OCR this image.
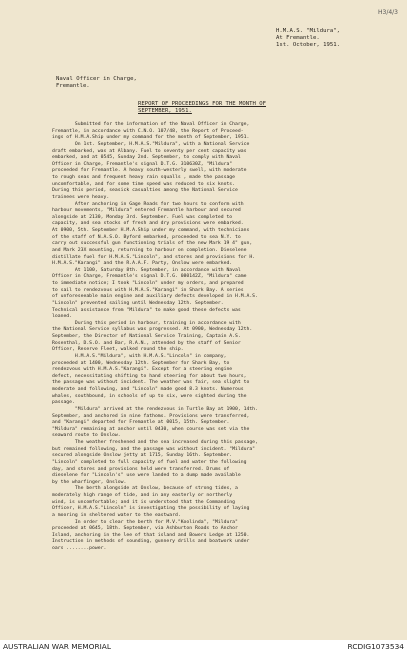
H3/4/3
H.M.A.S. "Mildura",
At Fremantle.
1st. October, 1951.
Naval Officer in Charge,
Fremantle.
REPORT OF PROCEEDINGS FOR THE MONTH OF
SEPTEMBER, 1951.
Submitted for the information of the Naval Officer in Charge,
Fremantle, in accordance with C.N.O. 107/48, the Report of Proceed-
ings of H.M.A.Ship under my command for the month of September, 1951.
On 1st. September, H.M.A.S."Mildura", with a National Service
draft embarked, was at Albany. Fuel to seventy per cent capacity was
embarked, and at 0545, Sunday 2nd. September, to comply with Naval
Officer in Charge, Fremantle's signal D.T.G. 310630Z, "Mildura"
proceeded for Fremantle. A heavy south-westerly swell, with moderate
to rough seas and frequent heavy rain squalls , made the passage
uncomfortable, and for some time speed was reduced to six knots.
During this period, seasick casualties among the National Service
trainees were heavy.
After anchoring in Gage Roads for two hours to conform with
harbour movements, "Mildura" entered Fremantle harbour and secured
alongside at 2130, Monday 3rd. September. Fuel was completed to
capacity, and sea stocks of fresh and dry provisions were embarked.
At 0900, 5th. September H.M.A.Ship under my command, with technicians
of the staff of N.A.S.O. Byford embarked, proceeded to sea N.Y. to
carry out successful gun functioning trials of the new Mark 19 4" gun,
and Mark 23X mounting, returning to harbour on completion. Dieselene
distillate fuel for H.M.A.S."Lincoln", and stores and provisions for H.
H.M.A.S."Karangi" and the R.A.A.F. Party, Onslow were embarked.
At 1100, Saturday 8th. September, in accordance with Naval
Officer in Charge, Fremantle's signal D.T.G. 080142Z, "Mildura" came
to immediate notice; I took "Lincoln" under my orders, and prepared
to sail to rendezvous with H.M.A.S."Karangi" in Shark Bay. A series
of unforeseeable main engine and auxiliary defects developed in H.M.A.S.
"Lincoln" prevented sailing until Wednesday 12th. September.
Technical assistance from "Mildura" to make good these defects was
loaned.
During this period in harbour, training in accordance with
the National Service syllabus was progressed. At 0900, Wednesday 12th.
September, the Director of National Service Training, Captain A.S.
Rosenthal, D.S.O. and Bar, R.A.N., attended by the staff of Senior
Officer, Reserve Fleet, walked round the ship.
H.M.A.S."Mildura", with H.M.A.S."Lincoln" in company,
proceeded at 1400, Wednesday 12th. September for Shark Bay, to
rendezvous with H.M.A.S."Karangi". Except for a steering engine
defect, necessitating shifting to hand steering for about two hours,
the passage was without incident. The weather was fair, sea slight to
moderate and following, and "Lincoln" made good 8.3 knots. Numerous
whales, southbound, in schools of up to six, were sighted during the
passage.
"Mildura" arrived at the rendezvous in Turtle Bay at 1900, 14th.
September, and anchored in nine fathoms. Provisions were transferred,
and "Karangi" departed for Fremantle at 0015, 15th. September.
"Mildura" remaining at anchor until 0430, when course was set via the
seaward route to Onslow.
The weather freshened and the sea increased during this passage,
but remained following, and the passage was without incident. "Mildura"
secured alongside Onslow jetty at 1715, Sunday 16th. September.
"Lincoln" completed to full capacity of fuel and water the following
day, and stores and provisions held were transferred. Drums of
dieselene for "Lincoln's" use were landed to a dump made available
by the wharfinger, Onslow.
The berth alongside at Onslow, because of strong tides, a
moderately high range of tide, and in any easterly or northerly
wind, is uncomfortable; and it is understood that the Commanding
Officer, H.M.A.S."Lincoln" is investigating the possibility of laying
a mooring in sheltered water to the eastward.
In order to clear the berth for M.V."Koolinda", "Mildura"
proceeded at 0645, 18th. September, via Ashburton Roads to Anchor
Island, anchoring in the lee of that island and Bowers Ledge at 1250.
Instruction in methods of sounding, gunnery drills and boatwork under
oars ........power.
AUSTRALIAN WAR MEMORIAL	RCDIG1073534
